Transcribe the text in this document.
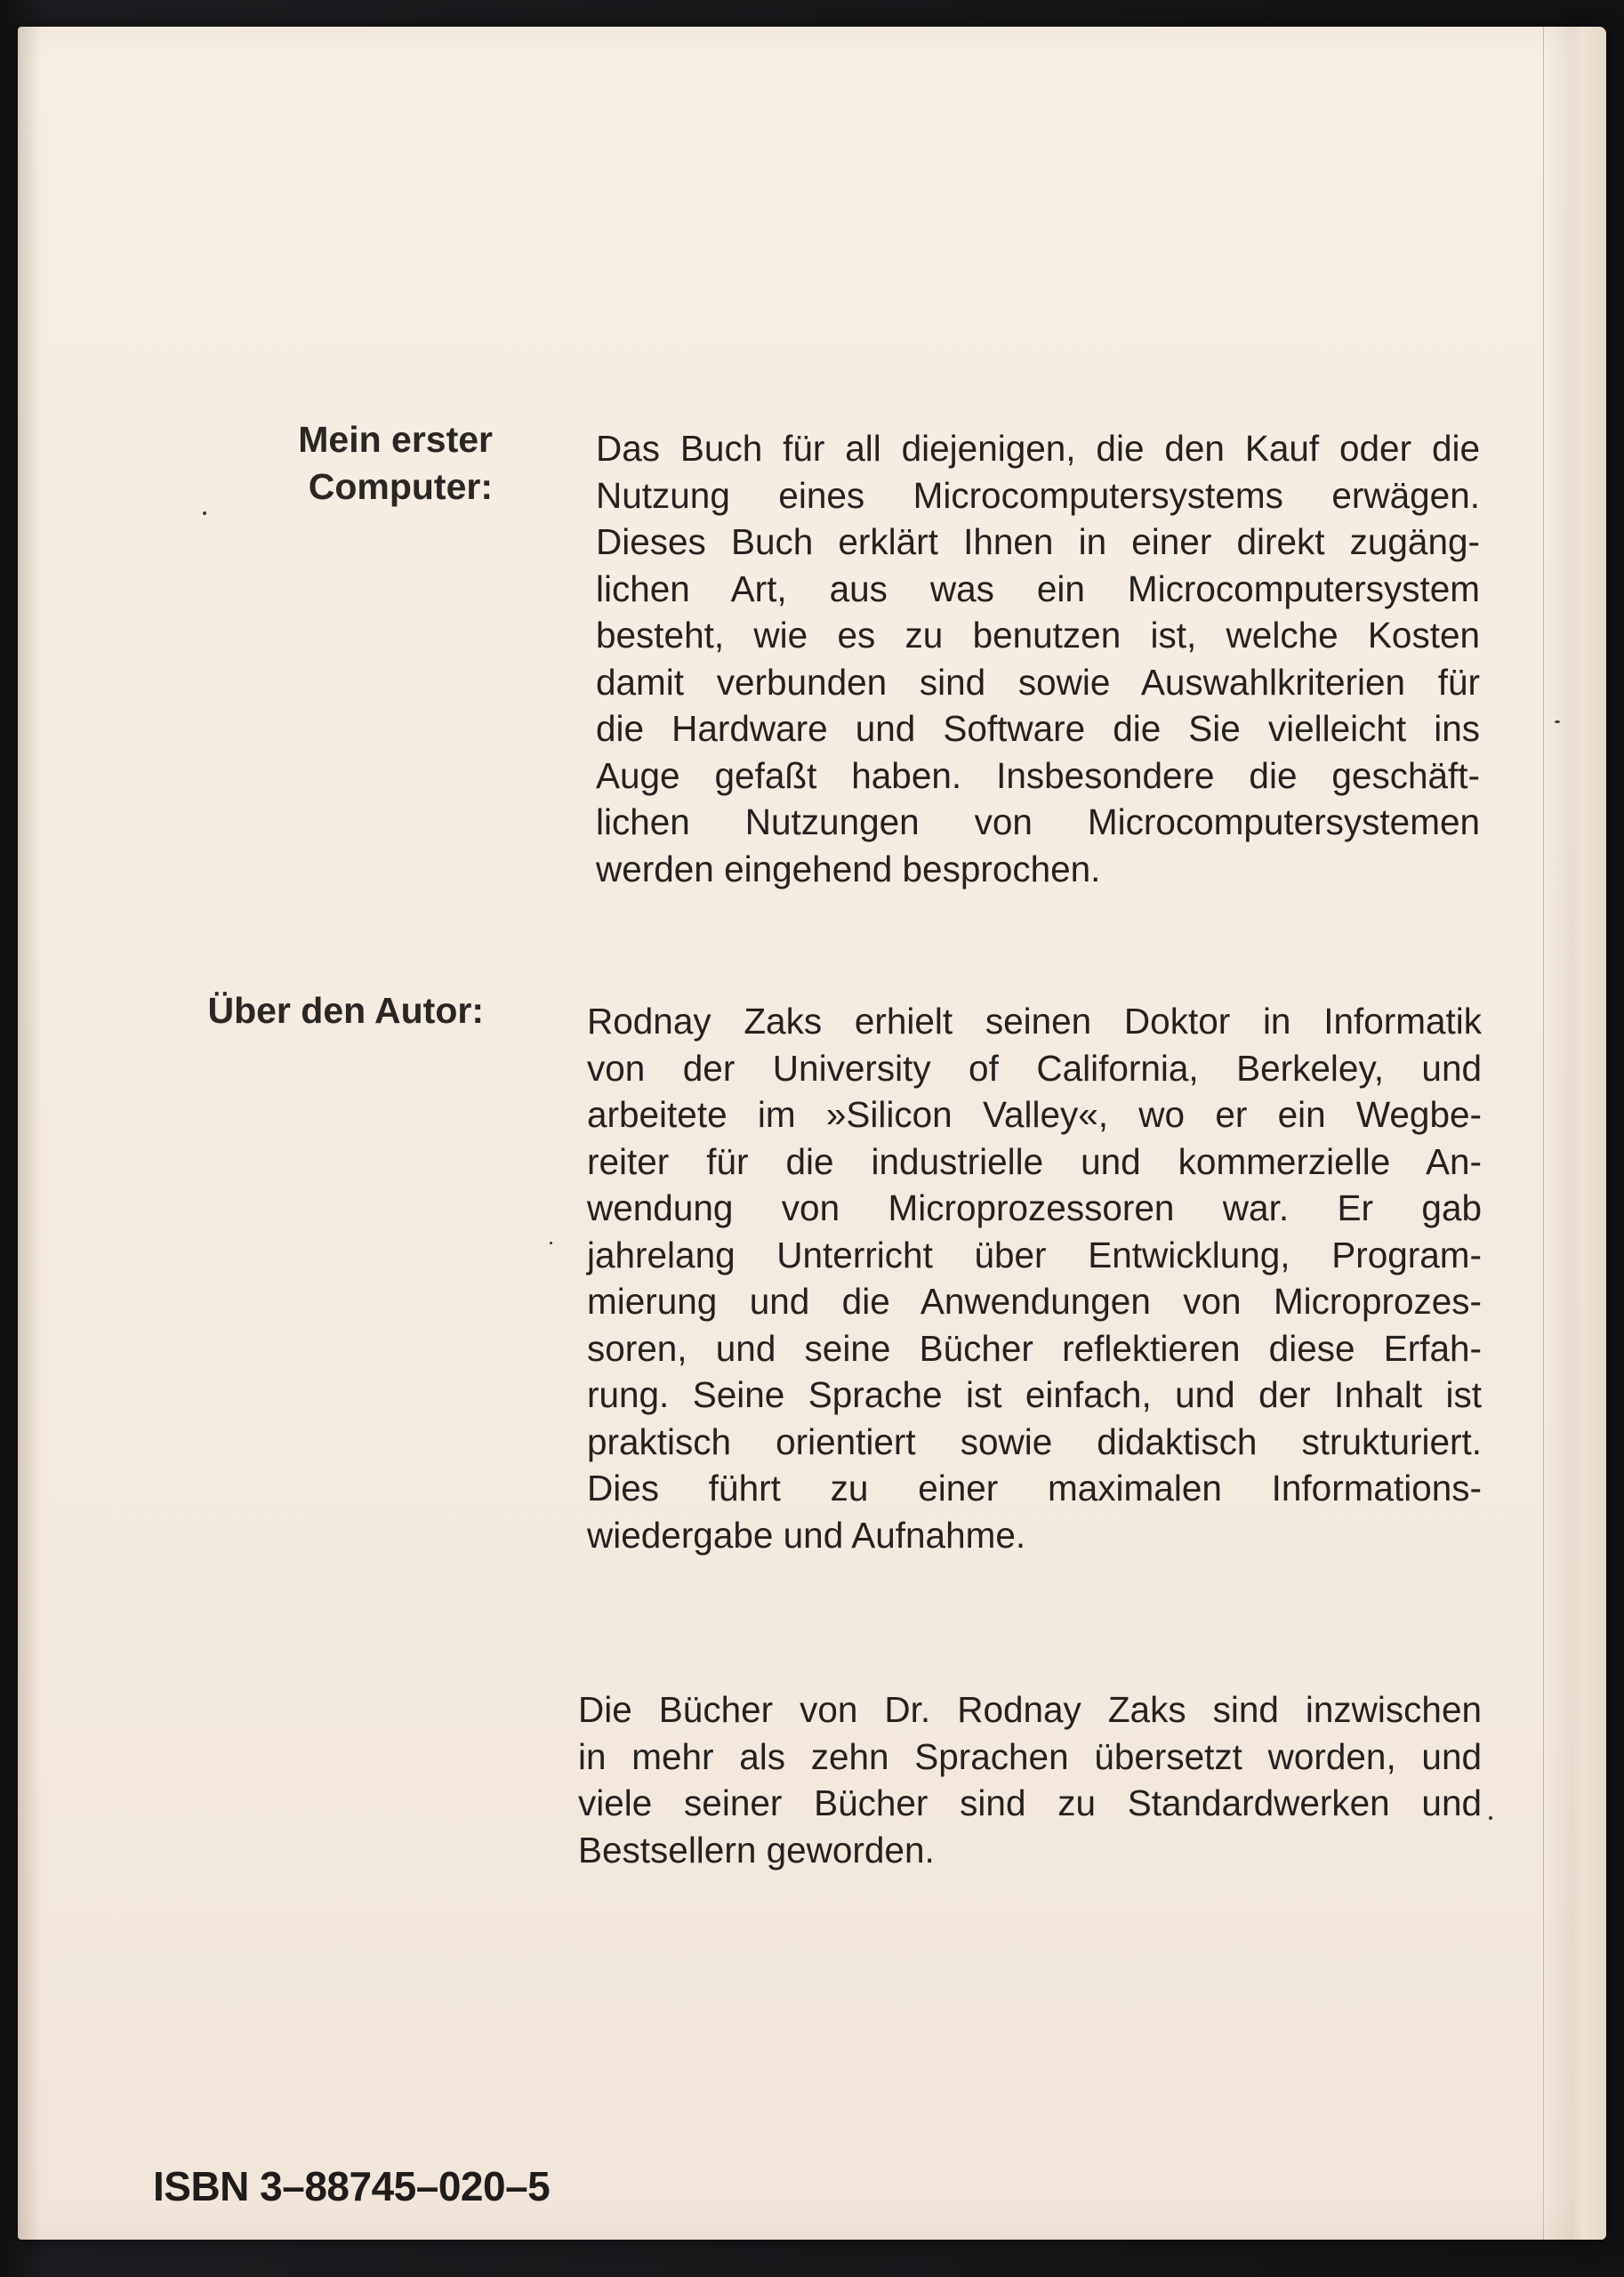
Mein erster
Computer:
Das Buch für all diejenigen, die den Kauf oder die
Nutzung eines Microcomputersystems erwägen.
Dieses Buch erklärt Ihnen in einer direkt zugäng-
lichen Art, aus was ein Microcomputersystem
besteht, wie es zu benutzen ist, welche Kosten
damit verbunden sind sowie Auswahlkriterien für
die Hardware und Software die Sie vielleicht ins
Auge gefaßt haben. Insbesondere die geschäft-
lichen Nutzungen von Microcomputersystemen
werden eingehend besprochen.
Über den Autor:	Rodnay Zaks erhielt seinen Doktor in Informatik
von der University of California, Berkeley, und
arbeitete im »Silicon Valley«, wo er ein Wegbe-
reiter für die industrielle und kommerzielle An-
wendung von Microprozessoren war. Er gab
jahrelang Unterricht über Entwicklung, Program-
mierung und die Anwendungen von Microprozes-
soren, und seine Bücher reflektieren diese Erfah-
rung. Seine Sprache ist einfach, und der Inhalt ist
praktisch orientiert sowie didaktisch strukturiert.
Dies führt zu einer maximalen Informations-
wiedergabe und Aufnahme.
Die Bücher von Dr. Rodnay Zaks sind inzwischen
in mehr als zehn Sprachen übersetzt worden, und
viele seiner Bücher sind zu Standardwerken und
Bestsellern geworden.
ISBN 3–88745–020–5
